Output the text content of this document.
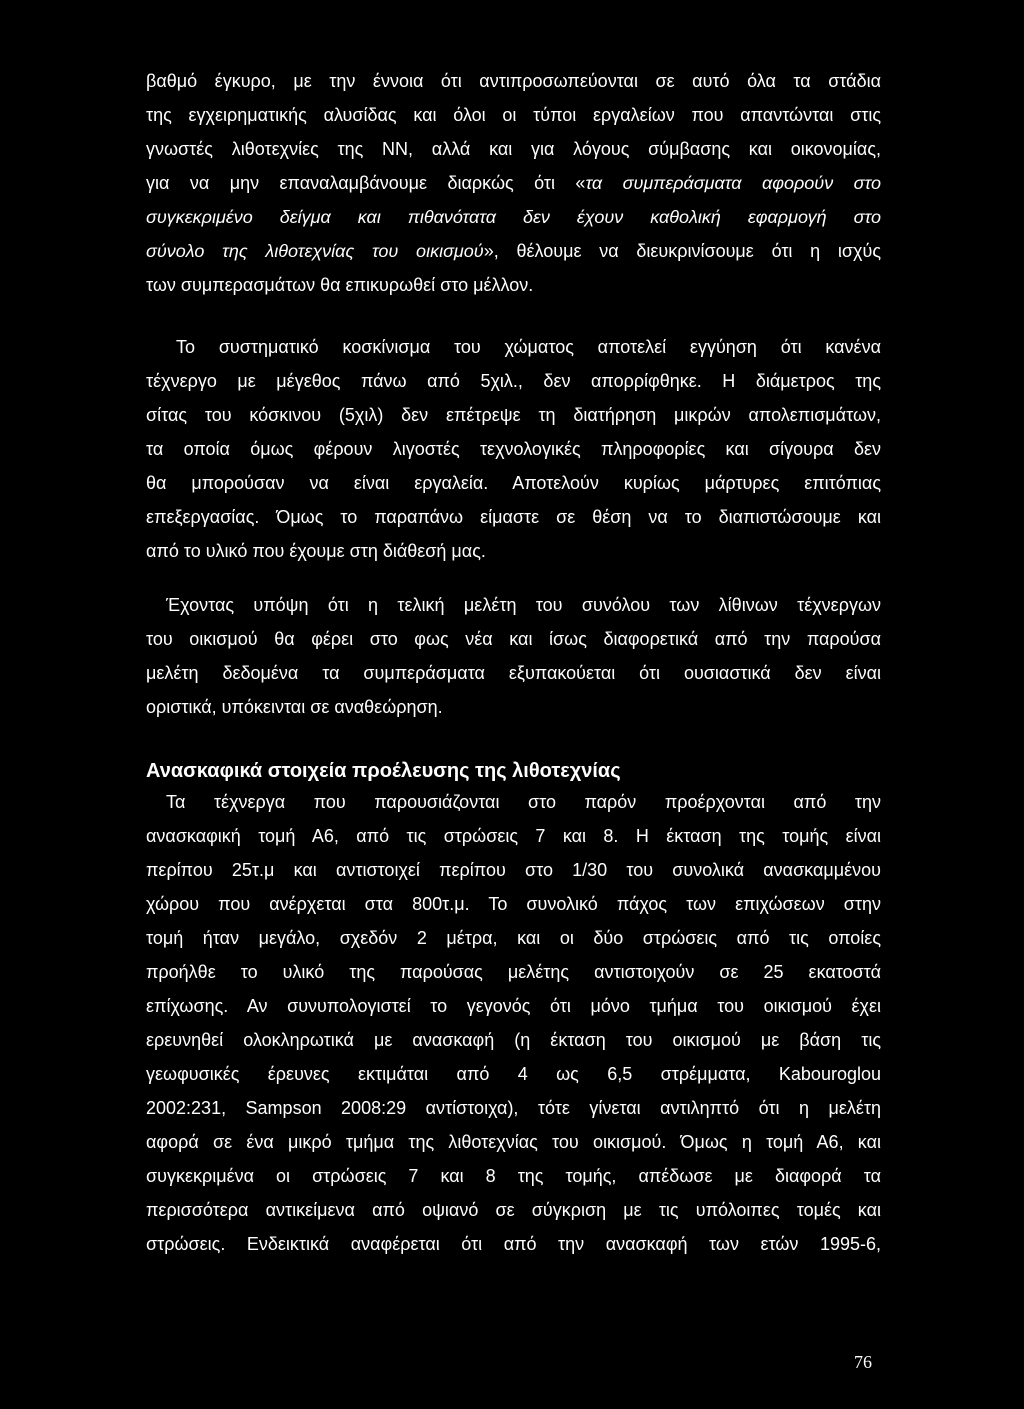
βαθμό έγκυρο, με την έννοια ότι αντιπροσωπεύονται σε αυτό όλα τα στάδια
της εγχειρηματικής αλυσίδας και όλοι οι τύποι εργαλείων που απαντώνται στις
γνωστές λιθοτεχνίες της ΝΝ, αλλά και για λόγους σύμβασης και οικονομίας,
για να μην επαναλαμβάνουμε διαρκώς ότι «τα συμπεράσματα αφορούν στο
συγκεκριμένο δείγμα και πιθανότατα δεν έχουν καθολική εφαρμογή στο
σύνολο της λιθοτεχνίας του οικισμού», θέλουμε να διευκρινίσουμε ότι η ισχύς
των συμπερασμάτων θα επικυρωθεί στο μέλλον.
Το συστηματικό κοσκίνισμα του χώματος αποτελεί εγγύηση ότι κανένα
τέχνεργο με μέγεθος πάνω από 5χιλ., δεν απορρίφθηκε. Η διάμετρος της
σίτας του κόσκινου (5χιλ) δεν επέτρεψε τη διατήρηση μικρών απολεπισμάτων,
τα οποία όμως φέρουν λιγοστές τεχνολογικές πληροφορίες και σίγουρα δεν
θα μπορούσαν να είναι εργαλεία. Αποτελούν κυρίως μάρτυρες επιτόπιας
επεξεργασίας. Όμως το παραπάνω είμαστε σε θέση να το διαπιστώσουμε και
από το υλικό που έχουμε στη διάθεσή μας.
Έχοντας υπόψη ότι η τελική μελέτη του συνόλου των λίθινων τέχνεργων
του οικισμού θα φέρει στο φως νέα και ίσως διαφορετικά από την παρούσα
μελέτη δεδομένα τα συμπεράσματα εξυπακούεται ότι ουσιαστικά δεν είναι
οριστικά, υπόκεινται σε αναθεώρηση.
Ανασκαφικά στοιχεία προέλευσης της λιθοτεχνίας
Τα τέχνεργα που παρουσιάζονται στο παρόν προέρχονται από την
ανασκαφική τομή Α6, από τις στρώσεις 7 και 8. Η έκταση της τομής είναι
περίπου 25τ.μ και αντιστοιχεί περίπου στο 1/30 του συνολικά ανασκαμμένου
χώρου που ανέρχεται στα 800τ.μ. Το συνολικό πάχος των επιχώσεων στην
τομή ήταν μεγάλο, σχεδόν 2 μέτρα, και οι δύο στρώσεις από τις οποίες
προήλθε το υλικό της παρούσας μελέτης αντιστοιχούν σε 25 εκατοστά
επίχωσης. Αν συνυπολογιστεί το γεγονός ότι μόνο τμήμα του οικισμού έχει
ερευνηθεί ολοκληρωτικά με ανασκαφή (η έκταση του οικισμού με βάση τις
γεωφυσικές έρευνες εκτιμάται από 4 ως 6,5 στρέμματα, Kabouroglou
2002:231, Sampson 2008:29 αντίστοιχα), τότε γίνεται αντιληπτό ότι η μελέτη
αφορά σε ένα μικρό τμήμα της λιθοτεχνίας του οικισμού. Όμως η τομή Α6, και
συγκεκριμένα οι στρώσεις 7 και 8 της τομής, απέδωσε με διαφορά τα
περισσότερα αντικείμενα από οψιανό σε σύγκριση με τις υπόλοιπες τομές και
στρώσεις. Ενδεικτικά αναφέρεται ότι από την ανασκαφή των ετών 1995-6,
76
